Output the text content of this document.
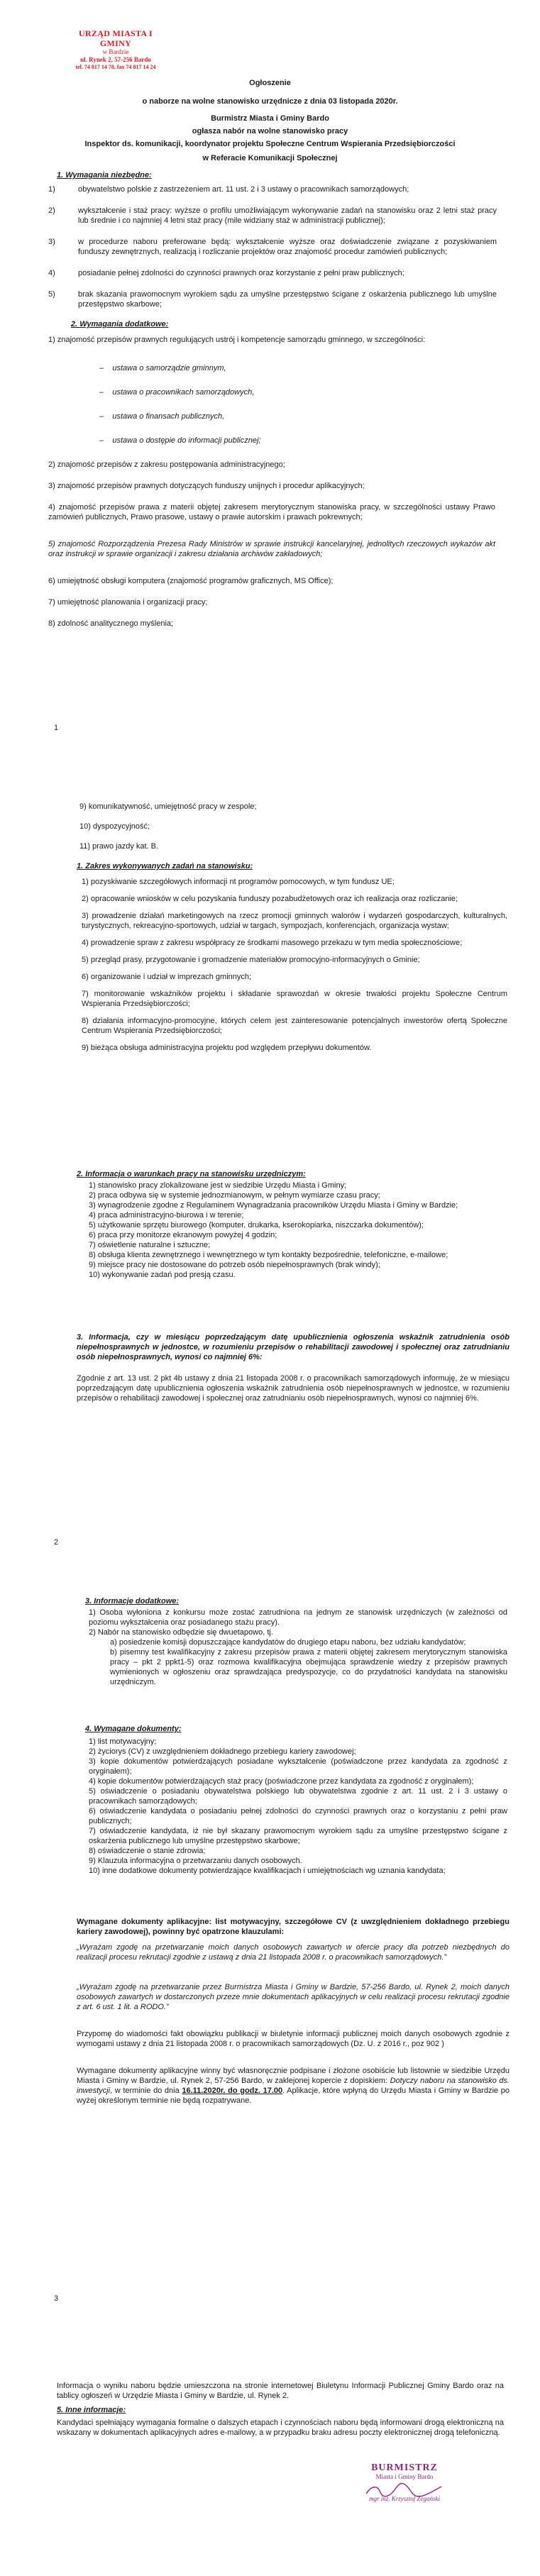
URZĄD MIASTA I GMINY
w Bardzie
ul. Rynek 2, 57-256 Bardo
tel. 74 817 14 78, fax 74 817 14 24
Ogłoszenie
o naborze na wolne stanowisko urzędnicze z dnia 03 listopada 2020r.
Burmistrz Miasta i Gminy Bardo
ogłasza nabór na wolne stanowisko pracy
Inspektor ds. komunikacji, koordynator projektu Społeczne Centrum Wspierania Przedsiębiorczości
w Referacie Komunikacji Społecznej
1. Wymagania niezbędne:
1)	obywatelstwo polskie z zastrzeżeniem art. 11 ust. 2 i 3 ustawy o pracownikach samorządowych;
2)	wykształcenie i staż pracy: wyższe o profilu umożliwiającym wykonywanie zadań na stanowisku oraz 2 letni staż pracy lub średnie i co najmniej 4 letni staż pracy (mile widziany staż w administracji publicznej);
3)	w procedurze naboru preferowane będą: wykształcenie wyższe oraz doświadczenie związane z pozyskiwaniem funduszy zewnętrznych, realizacją i rozliczanie projektów oraz znajomość procedur zamówień publicznych;
4)	posiadanie pełnej zdolności do czynności prawnych oraz korzystanie z pełni praw publicznych;
5)	brak skazania prawomocnym wyrokiem sądu za umyślne przestępstwo ścigane z oskarżenia publicznego lub umyślne przestępstwo skarbowe;
2. Wymagania dodatkowe:
1) znajomość przepisów prawnych regulujących ustrój i kompetencje samorządu gminnego, w szczególności:
– ustawa o samorządzie gminnym,
– ustawa o pracownikach samorządowych,
– ustawa o finansach publicznych,
– ustawa o dostępie do informacji publicznej;
2) znajomość przepisów z zakresu postępowania administracyjnego;
3) znajomość przepisów prawnych dotyczących funduszy unijnych i procedur aplikacyjnych;
4) znajomość przepisów prawa z materii objętej zakresem merytorycznym stanowiska pracy, w szczególności ustawy Prawo zamówień publicznych, Prawo prasowe, ustawy o prawie autorskim i prawach pokrewnych;
5) znajomość Rozporządzenia Prezesa Rady Ministrów w sprawie instrukcji kancelaryjnej, jednolitych rzeczowych wykazów akt oraz instrukcji w sprawie organizacji i zakresu działania archiwów zakładowych;
6) umiejętność obsługi komputera (znajomość programów graficznych, MS Office);
7) umiejętność planowania i organizacji pracy;
8) zdolność analitycznego myślenia;
1
9) komunikatywność, umiejętność pracy w zespole;
10) dyspozycyjność;
11) prawo jazdy kat. B.
1. Zakres wykonywanych zadań na stanowisku:
1) pozyskiwanie szczegółowych informacji nt programów pomocowych, w tym fundusz UE;
2) opracowanie wniosków w celu pozyskania funduszy pozabudżetowych oraz ich realizacja oraz rozliczanie;
3) prowadzenie działań marketingowych na rzecz promocji gminnych walorów i wydarzeń gospodarczych, kulturalnych, turystycznych, rekreacyjno-sportowych, udział w targach, sympozjach, konferencjach, organizacja wystaw;
4) prowadzenie spraw z zakresu współpracy ze środkami masowego przekazu w tym media społecznościowe;
5) przegląd prasy, przygotowanie i gromadzenie materiałów promocyjno-informacyjnych o Gminie;
6) organizowanie i udział w imprezach gminnych;
7) monitorowanie wskaźników projektu i składanie sprawozdań w okresie trwałości projektu Społeczne Centrum Wspierania Przedsiębiorczości;
8) działania informacyjno-promocyjne, których celem jest zainteresowanie potencjalnych inwestorów ofertą Społeczne Centrum Wspierania Przedsiębiorczości;
9) bieżąca obsługa administracyjna projektu pod względem przepływu dokumentów.
2. Informacja o warunkach pracy na stanowisku urzędniczym:
1) stanowisko pracy zlokalizowane jest w siedzibie Urzędu Miasta i Gminy;
2) praca odbywa się w systemie jednozmianowym, w pełnym wymiarze czasu pracy;
3) wynagrodzenie zgodne z Regulaminem Wynagradzania pracowników Urzędu Miasta i Gminy w Bardzie;
4) praca administracyjno-biurowa i w terenie;
5) użytkowanie sprzętu biurowego (komputer, drukarka, kserokopiarka, niszczarka dokumentów);
6) praca przy monitorze ekranowym powyżej 4 godzin;
7) oświetlenie naturalne i sztuczne;
8) obsługa klienta zewnętrznego i wewnętrznego w tym kontakty bezpośrednie, telefoniczne, e-mailowe;
9) miejsce pracy nie dostosowane do potrzeb osób niepełnosprawnych (brak windy);
10) wykonywanie zadań pod presją czasu.
3. Informacja, czy w miesiącu poprzedzającym datę upublicznienia ogłoszenia wskaźnik zatrudnienia osób niepełnosprawnych w jednostce, w rozumieniu przepisów o rehabilitacji zawodowej i społecznej oraz zatrudnianiu osób niepełnosprawnych, wynosi co najmniej 6%:
Zgodnie z art. 13 ust. 2 pkt 4b ustawy z dnia 21 listopada 2008 r. o pracownikach samorządowych informuję, że w miesiącu poprzedzającym datę upublicznienia ogłoszenia wskaźnik zatrudnienia osób niepełnosprawnych w jednostce, w rozumieniu przepisów o rehabilitacji zawodowej i społecznej oraz zatrudnianiu osób niepełnosprawnych, wynosi co najmniej 6%.
2
3. Informacje dodatkowe:
1) Osoba wyłoniona z konkursu może zostać zatrudniona na jednym ze stanowisk urzędniczych (w zależności od poziomu wykształcenia oraz posiadanego stażu pracy).
2) Nabór na stanowisko odbędzie się dwuetapowo, tj.
a) posiedzenie komisji dopuszczające kandydatów do drugiego etapu naboru, bez udziału kandydatów;
b) pisemny test kwalifikacyjny z zakresu przepisów prawa z materii objętej zakresem merytorycznym stanowiska pracy – pkt 2 ppkt1-5) oraz rozmowa kwalifikacyjna obejmująca sprawdzenie wiedzy z przepisów prawnych wymienionych w ogłoszeniu oraz sprawdzająca predyspozycje, co do przydatności kandydata na stanowisku urzędniczym.
4. Wymagane dokumenty:
1) list motywacyjny;
2) życiorys (CV) z uwzględnieniem dokładnego przebiegu kariery zawodowej;
3) kopie dokumentów potwierdzających posiadane wykształcenie (poświadczone przez kandydata za zgodność z oryginałem);
4) kopie dokumentów potwierdzających staż pracy (poświadczone przez kandydata za zgodność z oryginałem);
5) oświadczenie o posiadaniu obywatelstwa polskiego lub obywatelstwa zgodnie z art. 11 ust. 2 i 3 ustawy o pracownikach samorządowych;
6) oświadczenie kandydata o posiadaniu pełnej zdolności do czynności prawnych oraz o korzystaniu z pełni praw publicznych;
7) oświadczenie kandydata, iż nie był skazany prawomocnym wyrokiem sądu za umyślne przestępstwo ścigane z oskarżenia publicznego lub umyślne przestępstwo skarbowe;
8) oświadczenie o stanie zdrowia;
9) Klauzula informacyjna o przetwarzaniu danych osobowych.
10) inne dodatkowe dokumenty potwierdzające kwalifikacjach i umiejętnościach wg uznania kandydata;
Wymagane dokumenty aplikacyjne: list motywacyjny, szczegółowe CV (z uwzględnieniem dokładnego przebiegu kariery zawodowej), powinny być opatrzone klauzulami:
„Wyrażam zgodę na przetwarzanie moich danych osobowych zawartych w ofercie pracy dla potrzeb niezbędnych do realizacji procesu rekrutacji zgodnie z ustawą z dnia 21 listopada 2008 r. o pracownikach samorządowych.”
„Wyrażam zgodę na przetwarzanie przez Burmistrza Miasta i Gminy w Bardzie, 57-256 Bardo, ul. Rynek 2, moich danych osobowych zawartych w dostarczonych przeze mnie dokumentach aplikacyjnych w celu realizacji procesu rekrutacji zgodnie z art. 6 ust. 1 lit. a RODO.”
Przypomę do wiadomości fakt obowiązku publikacji w biuletynie informacji publicznej moich danych osobowych zgodnie z wymogami ustawy z dnia 21 listopada 2008 r. o pracownikach samorządowych (Dz. U. z 2016 r., poz 902 )
Wymagane dokumenty aplikacyjne winny być własnoręcznie podpisane i złożone osobiście lub listownie w siedzibie Urzędu Miasta i Gminy w Bardzie, ul. Rynek 2, 57-256 Bardo, w zaklejonej kopercie z dopiskiem: Dotyczy naboru na stanowisko ds. inwestycji, w terminie do dnia 16.11.2020r. do godz. 17.00. Aplikacje, które wpłyną do Urzędu Miasta i Gminy w Bardzie po wyżej określonym terminie nie będą rozpatrywane.
3
Informacja o wyniku naboru będzie umieszczona na stronie internetowej Biuletynu Informacji Publicznej Gminy Bardo oraz na tablicy ogłoszeń w Urzędzie Miasta i Gminy w Bardzie, ul. Rynek 2.
5. Inne informacje:
Kandydaci spełniający wymagania formalne o dalszych etapach i czynnościach naboru będą informowani drogą elektroniczną na wskazany w dokumentach aplikacyjnych adres e-mailowy, a w przypadku braku adresu poczty elektronicznej drogą telefoniczną.
BURMISTRZ
Miasta i Gminy Bardo
mgr inż. Krzysztof Żegański
